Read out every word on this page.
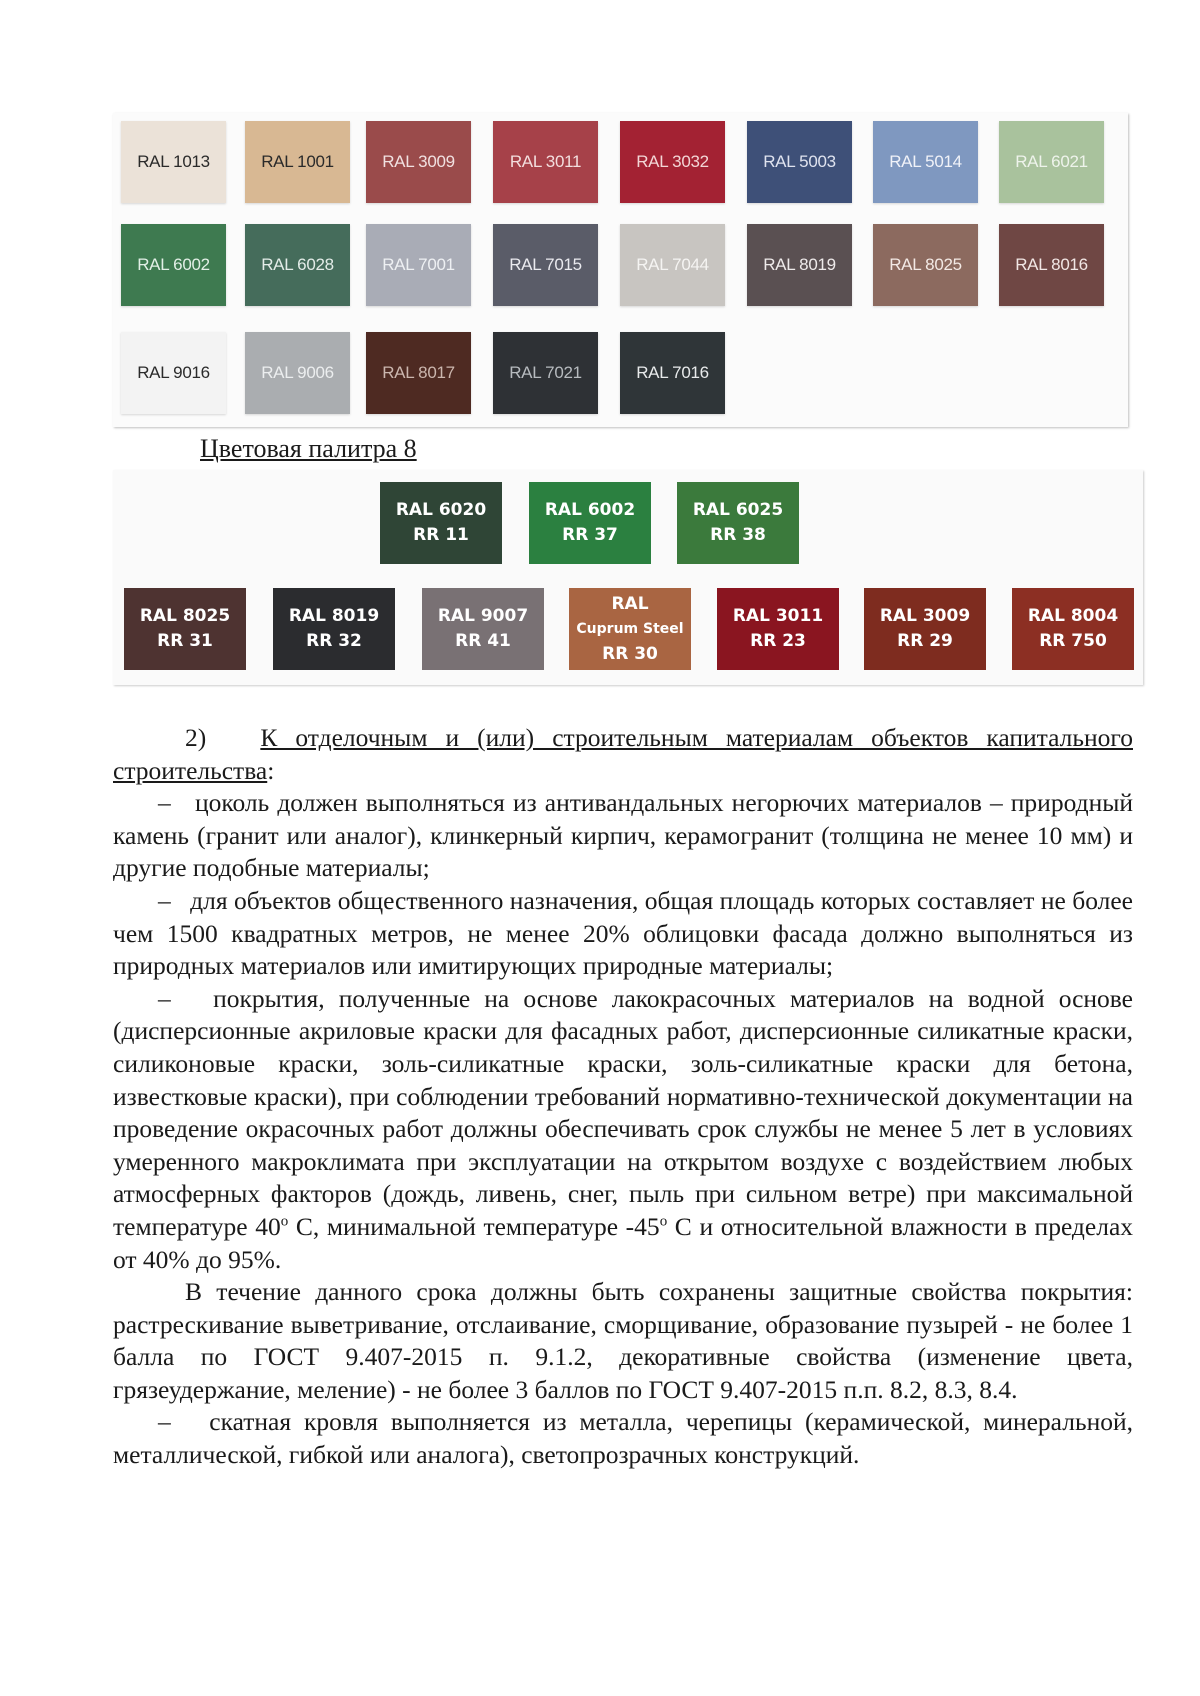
RAL 1013	RAL 1001	RAL 3009	RAL 3011	RAL 3032	RAL 5003	RAL 5014	RAL 6021
RAL 6002	RAL 6028	RAL 7001	RAL 7015	RAL 7044	RAL 8019	RAL 8025	RAL 8016
RAL 9016	RAL 9006	RAL 8017	RAL 7021	RAL 7016
Цветовая палитра 8
RAL 6020
RR 11
RAL 6002
RR 37
RAL 6025
RR 38
RAL 8025
RR 31
RAL 8019
RR 32
RAL 9007
RR 41
RAL
Cuprum Steel
RR 30
RAL 3011
RR 23
RAL 3009
RR 29
RAL 8004
RR 750

2) К отделочным и (или) строительным материалам объектов капитального строительства:

– цоколь должен выполняться из антивандальных негорючих материалов – природный камень (гранит или аналог), клинкерный кирпич, керамогранит (толщина не менее 10 мм) и другие подобные материалы;

– для объектов общественного назначения, общая площадь которых составляет не более чем 1500 квадратных метров, не менее 20% облицовки фасада должно выполняться из природных материалов или имитирующих природные материалы;

– покрытия, полученные на основе лакокрасочных материалов на водной основе (дисперсионные акриловые краски для фасадных работ, дисперсионные силикатные краски, силиконовые краски, золь-силикатные краски, золь-силикатные краски для бетона, известковые краски), при соблюдении требований нормативно-технической документации на проведение окрасочных работ должны обеспечивать срок службы не менее 5 лет в условиях умеренного макроклимата при эксплуатации на открытом воздухе с воздействием любых атмосферных факторов (дождь, ливень, снег, пыль при сильном ветре) при максимальной температуре 40$^o$ С, минимальной температуре -45$^o$ С и относительной влажности в пределах от 40% до 95%.

В течение данного срока должны быть сохранены защитные свойства покрытия: растрескивание выветривание, отслаивание, сморщивание, образование пузырей - не более 1 балла по ГОСТ 9.407-2015 п. 9.1.2, декоративные свойства (изменение цвета, грязеудержание, меление) - не более 3 баллов по ГОСТ 9.407-2015 п.п. 8.2, 8.3, 8.4.

– скатная кровля выполняется из металла, черепицы (керамической, минеральной, металлической, гибкой или аналога), светопрозрачных конструкций.
